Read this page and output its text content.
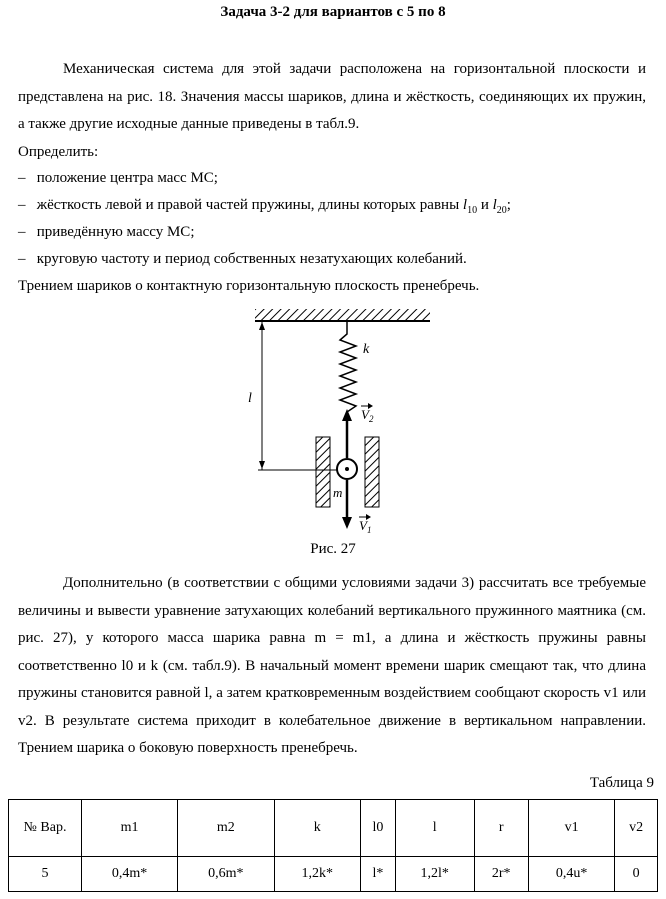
Задача 3-2 для вариантов с 5 по 8

Механическая система для этой задачи расположена на горизонтальной плоскости и представлена на рис. 18. Значения массы шариков, длина и жёсткость, соединяющих их пружин, а также другие исходные данные приведены в табл.9.

Определить:
–   положение центра масс МС;
–   жёсткость левой и правой частей пружины, длины которых равны $l_{10}$ и $l_{20}$;
–   приведённую массу МС;
–   круговую частоту и период собственных незатухающих колебаний.
Трением шариков о контактную горизонтальную плоскость пренебречь.
k
l
m
$V_2$
$V_1$
Рис. 27

Дополнительно (в соответствии с общими условиями задачи 3) рассчитать все требуемые величины и вывести уравнение затухающих колебаний вертикального пружинного маятника (см. рис. 27), у которого масса шарика равна m = m1, а длина и жёсткость пружины равны соответственно l0 и k (см. табл.9). В начальный момент времени шарик смещают так, что длина пружины становится равной l, а затем кратковременным воздействием сообщают скорость v1 или v2. В результате система приходит в колебательное движение в вертикальном направлении. Трением шарика о боковую поверхность пренебречь.

Таблица 9
№ Вар.	m1	m2	k	l0	l	r	v1	v2
5	0,4m*	0,6m*	1,2k*	l*	1,2l*	2r*	0,4u*	0
